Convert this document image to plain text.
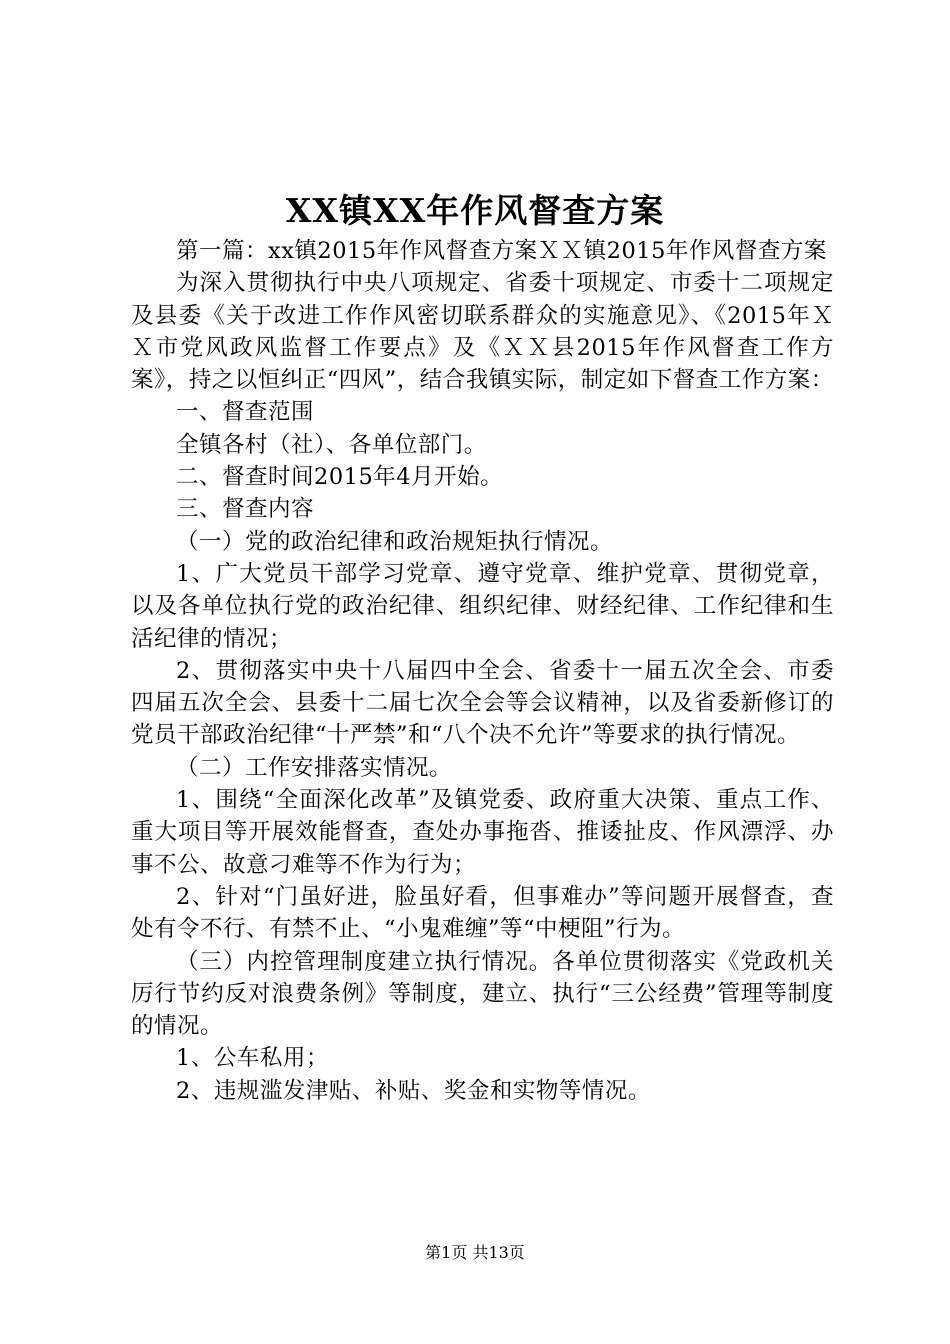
XX镇XX年作风督查方案

第一篇：xx镇2015年作风督查方案ＸＸ镇2015年作风督查方案

为深入贯彻执行中央八项规定、省委十项规定、市委十二项规定及县委《关于改进工作作风密切联系群众的实施意见》、《2015年ＸＸ市党风政风监督工作要点》及《ＸＸ县2015年作风督查工作方案》，持之以恒纠正“四风”，结合我镇实际，制定如下督查工作方案：

一、督查范围

全镇各村（社）、各单位部门。

二、督查时间2015年4月开始。

三、督查内容

（一）党的政治纪律和政治规矩执行情况。

1、广大党员干部学习党章、遵守党章、维护党章、贯彻党章，以及各单位执行党的政治纪律、组织纪律、财经纪律、工作纪律和生活纪律的情况；

2、贯彻落实中央十八届四中全会、省委十一届五次全会、市委四届五次全会、县委十二届七次全会等会议精神，以及省委新修订的党员干部政治纪律“十严禁”和“八个决不允许”等要求的执行情况。

（二）工作安排落实情况。

1、围绕“全面深化改革”及镇党委、政府重大决策、重点工作、重大项目等开展效能督查，查处办事拖沓、推诿扯皮、作风漂浮、办事不公、故意刁难等不作为行为；

2、针对“门虽好进，脸虽好看，但事难办”等问题开展督查，查处有令不行、有禁不止、“小鬼难缠”等“中梗阻”行为。

（三）内控管理制度建立执行情况。各单位贯彻落实《党政机关厉行节约反对浪费条例》等制度，建立、执行“三公经费”管理等制度的情况。

1、公车私用；

2、违规滥发津贴、补贴、奖金和实物等情况。

第1页 共13页
